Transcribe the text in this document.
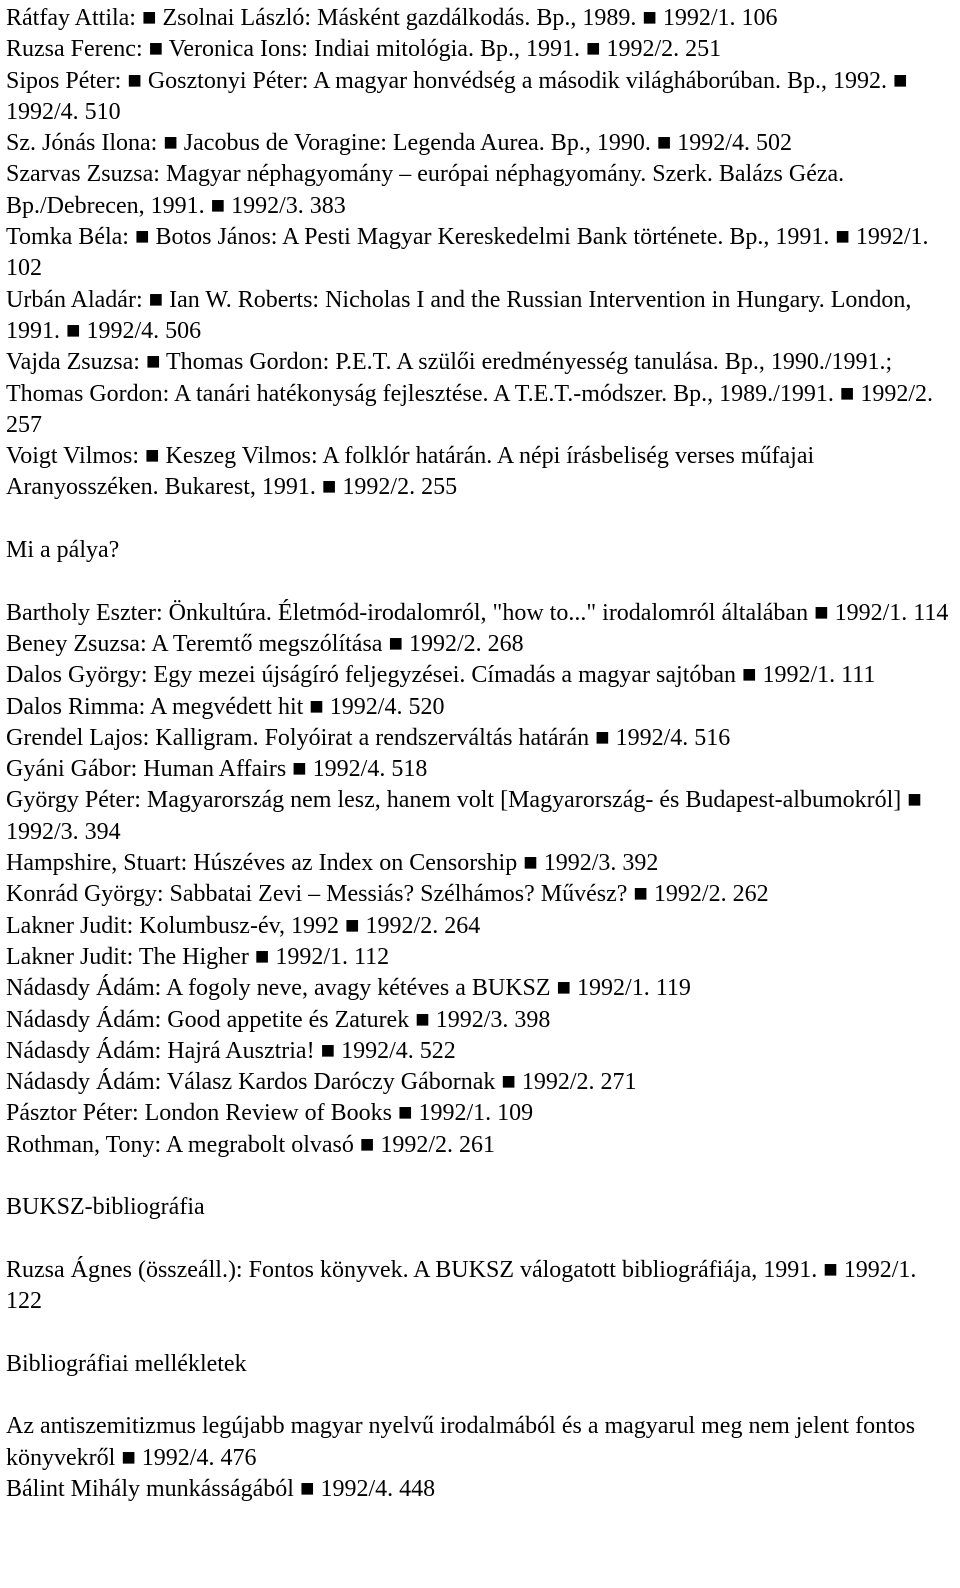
Rátfay Attila: ■ Zsolnai László: Másként gazdálkodás. Bp., 1989. ■ 1992/1. 106

Ruzsa Ferenc: ■ Veronica Ions: Indiai mitológia. Bp., 1991. ■ 1992/2. 251

Sipos Péter: ■ Gosztonyi Péter: A magyar honvédség a második világháborúban. Bp., 1992. ■ 1992/4. 510

Sz. Jónás Ilona: ■ Jacobus de Voragine: Legenda Aurea. Bp., 1990. ■ 1992/4. 502

Szarvas Zsuzsa: Magyar néphagyomány – európai néphagyomány. Szerk. Balázs Géza. Bp./Debrecen, 1991. ■ 1992/3. 383

Tomka Béla: ■ Botos János: A Pesti Magyar Kereskedelmi Bank története. Bp., 1991. ■ 1992/1. 102

Urbán Aladár: ■ Ian W. Roberts: Nicholas I and the Russian Intervention in Hungary. London, 1991. ■ 1992/4. 506

Vajda Zsuzsa: ■ Thomas Gordon: P.E.T. A szülői eredményesség tanulása. Bp., 1990./1991.; Thomas Gordon: A tanári hatékonyság fejlesztése. A T.E.T.-módszer. Bp., 1989./1991. ■ 1992/2. 257

Voigt Vilmos: ■ Keszeg Vilmos: A folklór határán. A népi írásbeliség verses műfajai Aranyosszéken. Bukarest, 1991. ■ 1992/2. 255

Mi a pálya?

Bartholy Eszter: Önkultúra. Életmód-irodalomról, "how to..." irodalomról általában ■ 1992/1. 114

Beney Zsuzsa: A Teremtő megszólítása ■ 1992/2. 268

Dalos György: Egy mezei újságíró feljegyzései. Címadás a magyar sajtóban ■ 1992/1. 111

Dalos Rimma: A megvédett hit ■ 1992/4. 520

Grendel Lajos: Kalligram. Folyóirat a rendszerváltás határán ■ 1992/4. 516

Gyáni Gábor: Human Affairs ■ 1992/4. 518

György Péter: Magyarország nem lesz, hanem volt [Magyarország- és Budapest-albumokról] ■ 1992/3. 394

Hampshire, Stuart: Húszéves az Index on Censorship ■ 1992/3. 392

Konrád György: Sabbatai Zevi – Messiás? Szélhámos? Művész? ■ 1992/2. 262

Lakner Judit: Kolumbusz-év, 1992 ■ 1992/2. 264

Lakner Judit: The Higher ■ 1992/1. 112

Nádasdy Ádám: A fogoly neve, avagy kétéves a BUKSZ ■ 1992/1. 119

Nádasdy Ádám: Good appetite és Zaturek ■ 1992/3. 398

Nádasdy Ádám: Hajrá Ausztria! ■ 1992/4. 522

Nádasdy Ádám: Válasz Kardos Daróczy Gábornak ■ 1992/2. 271

Pásztor Péter: London Review of Books ■ 1992/1. 109

Rothman, Tony: A megrabolt olvasó ■ 1992/2. 261

BUKSZ-bibliográfia

Ruzsa Ágnes (összeáll.): Fontos könyvek. A BUKSZ válogatott bibliográfiája, 1991. ■ 1992/1. 122

Bibliográfiai mellékletek

Az antiszemitizmus legújabb magyar nyelvű irodalmából és a magyarul meg nem jelent fontos könyvekről ■ 1992/4. 476

Bálint Mihály munkásságából ■ 1992/4. 448
